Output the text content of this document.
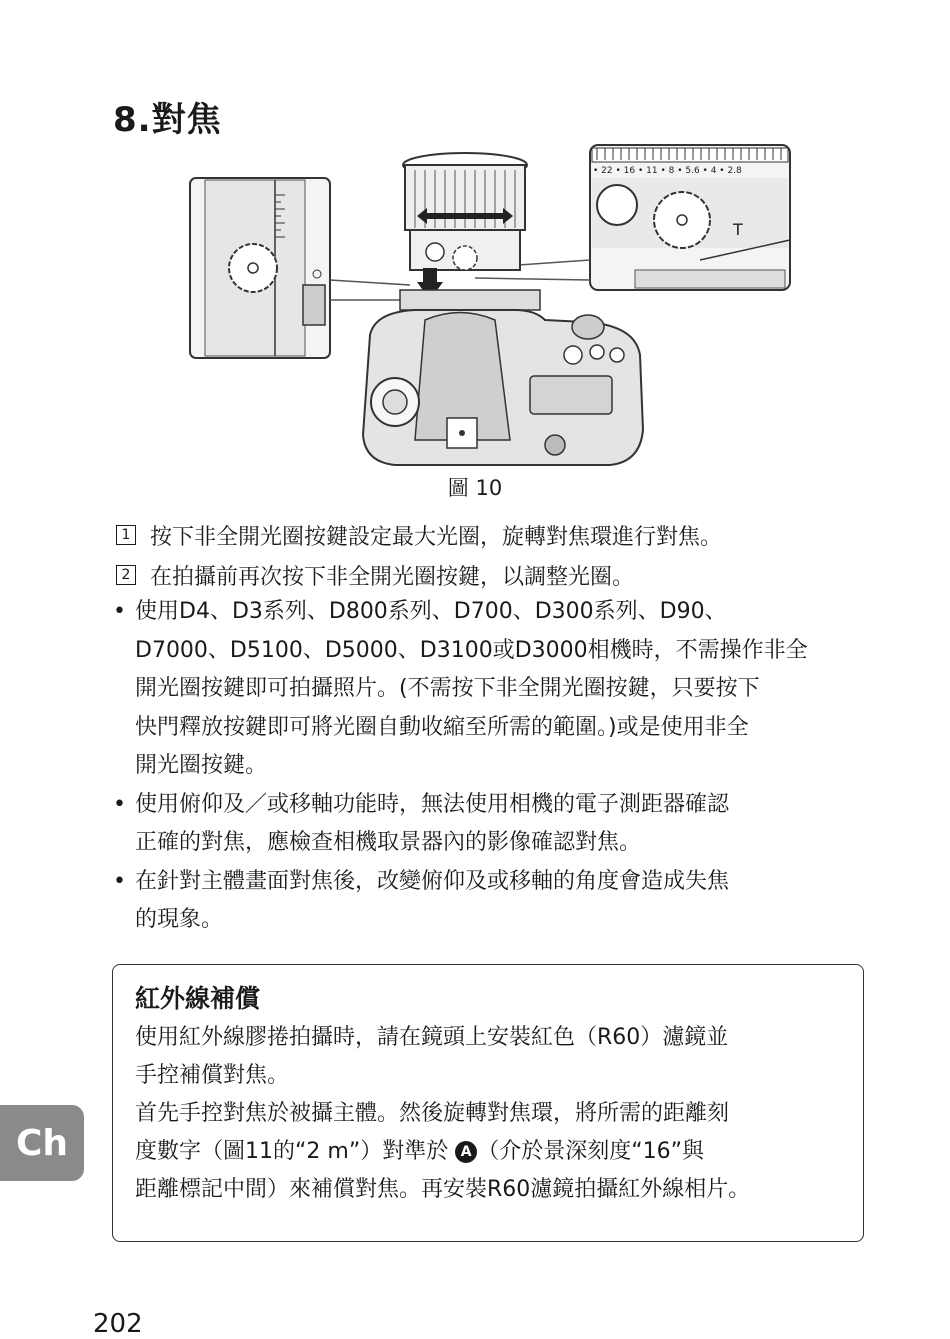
8.對焦
• 22 • 16 • 11 • 8 • 5.6 • 4 • 2.8
T
圖 10
1 按下非全開光圈按鍵設定最大光圈，旋轉對焦環進行對焦。
2 在拍攝前再次按下非全開光圈按鍵，以調整光圈。

• 使用D4、D3系列、D800系列、D700、D300系列、D90、
D7000、D5100、D5000、D3100或D3000相機時，不需操作非全
開光圈按鍵即可拍攝照片。(不需按下非全開光圈按鍵，只要按下
快門釋放按鍵即可將光圈自動收縮至所需的範圍。)或是使用非全
開光圈按鍵。

• 使用俯仰及／或移軸功能時，無法使用相機的電子測距器確認
正確的對焦，應檢查相機取景器內的影像確認對焦。

• 在針對主體畫面對焦後，改變俯仰及或移軸的角度會造成失焦
的現象。

紅外線補償

使用紅外線膠捲拍攝時，請在鏡頭上安裝紅色（R60）濾鏡並
手控補償對焦。

首先手控對焦於被攝主體。然後旋轉對焦環，將所需的距離刻
度數字（圖11的“2 m”）對準於 A （介於景深刻度“16”與
距離標記中間）來補償對焦。再安裝R60濾鏡拍攝紅外線相片。

Ch
202
